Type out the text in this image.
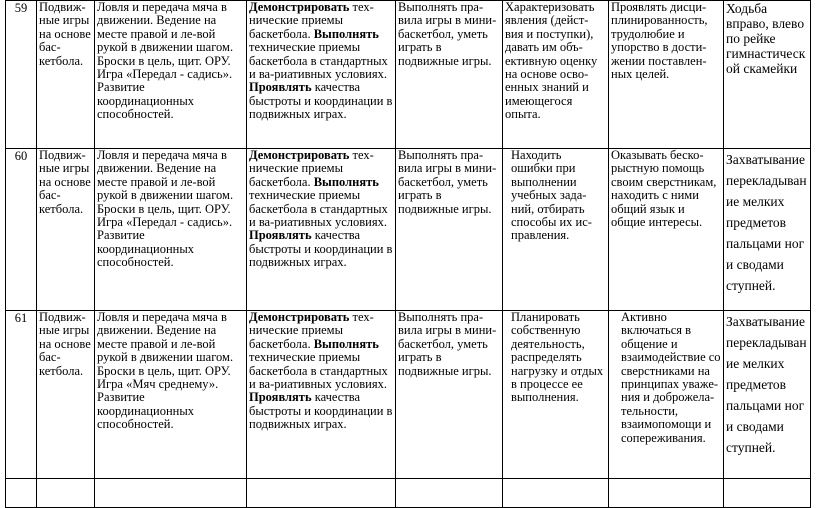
59	Подвиж-ные игры на основе бас-кетбола.	Ловля и передача мяча в движении. Ведение на месте правой и ле-вой рукой в движении шагом. Броски в цель, щит. ОРУ. Игра «Передал - садись». Развитие координационных способностей.	Демонстрировать тех-нические приемы баскетбола. Выполнять технические приемы баскетбола в стандартных и ва-риативных условиях. Проявлять качества быстроты и координации в подвижных играх.	Выполнять пра-вила игры в мини- баскетбол, уметь играть в подвижные игры.	Характеризовать явления (дейст-вия и поступки), давать им объ-ективную оценку на основе осво-енных знаний и имеющегося опыта.	Проявлять дисци-плинированность, трудолюбие и упорство в дости-жении поставлен-ных целей.	Ходьба вправо, влево по рейке гимнастической скамейки
60	Подвиж-ные игры на основе бас-кетбола.	Ловля и передача мяча в движении. Ведение на месте правой и ле-вой рукой в движении шагом. Броски в цель, щит. ОРУ. Игра «Передал - садись». Развитие координационных способностей.	Демонстрировать тех-нические приемы баскетбола. Выполнять технические приемы баскетбола в стандартных и ва-риативных условиях. Проявлять качества быстроты и координации в подвижных играх.	Выполнять пра-вила игры в мини- баскетбол, уметь играть в подвижные игры.	Находить ошибки при выполнении учебных зада-ний, отбирать способы их ис-правления.	Оказывать беско-рыстную помощь своим сверстникам, находить с ними общий язык и общие интересы.	Захватывание перекладывание мелких предметов пальцами ног и сводами ступней.
61	Подвиж-ные игры на основе бас-кетбола.	Ловля и передача мяча в движении. Ведение на месте правой и ле-вой рукой в движении шагом. Броски в цель, щит. ОРУ. Игра «Мяч среднему». Развитие координационных способностей.	Демонстрировать тех-нические приемы баскетбола. Выполнять технические приемы баскетбола в стандартных и ва-риативных условиях. Проявлять качества быстроты и координации в подвижных играх.	Выполнять пра-вила игры в мини- баскетбол, уметь играть в подвижные игры.	Планировать собственную деятельность, распределять нагрузку и отдых в процессе ее выполнения.	Активно включаться в общение и взаимодействие со сверстниками на принципах уваже-ния и доброжела-тельности, взаимопомощи и сопереживания.	Захватывание перекладывание мелких предметов пальцами ног и сводами ступней.
